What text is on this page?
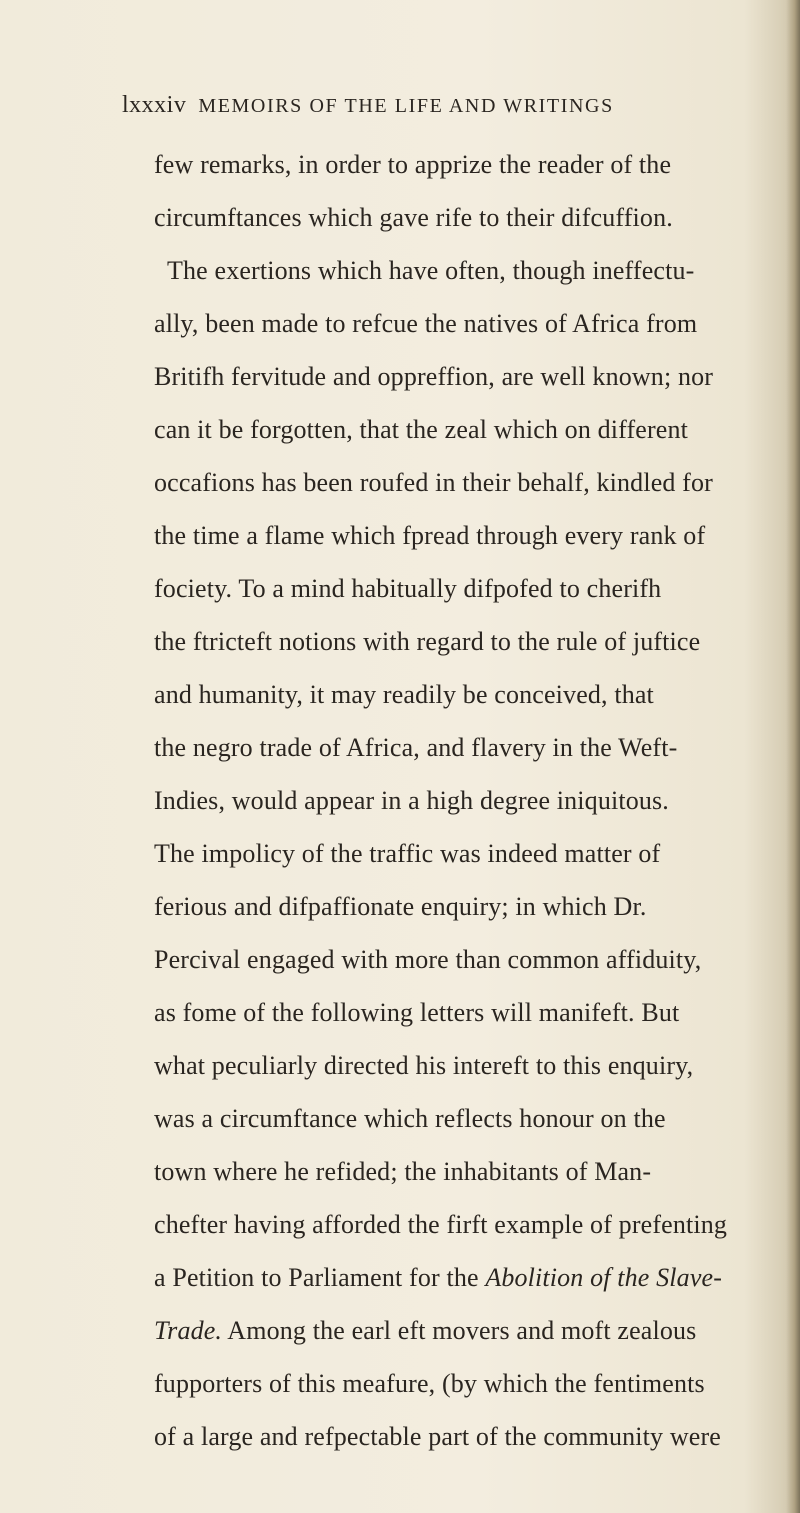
lxxxiv MEMOIRS OF THE LIFE AND WRITINGS
few remarks, in order to apprize the reader of the
circumftances which gave rife to their difcuffion.
The exertions which have often, though ineffectu-
ally, been made to refcue the natives of Africa from
Britifh fervitude and oppreffion, are well known; nor
can it be forgotten, that the zeal which on different
occafions has been roufed in their behalf, kindled for
the time a flame which fpread through every rank of
fociety. To a mind habitually difpofed to cherifh
the ftricteft notions with regard to the rule of juftice
and humanity, it may readily be conceived, that
the negro trade of Africa, and flavery in the Weft-
Indies, would appear in a high degree iniquitous.
The impolicy of the traffic was indeed matter of
ferious and difpaffionate enquiry; in which Dr.
Percival engaged with more than common affiduity,
as fome of the following letters will manifeft. But
what peculiarly directed his intereft to this enquiry,
was a circumftance which reflects honour on the
town where he refided; the inhabitants of Man-
chefter having afforded the firft example of prefenting
a Petition to Parliament for the Abolition of the Slave-
Trade. Among the earl eft movers and moft zealous
fupporters of this meafure, (by which the fentiments
of a large and refpectable part of the community were
